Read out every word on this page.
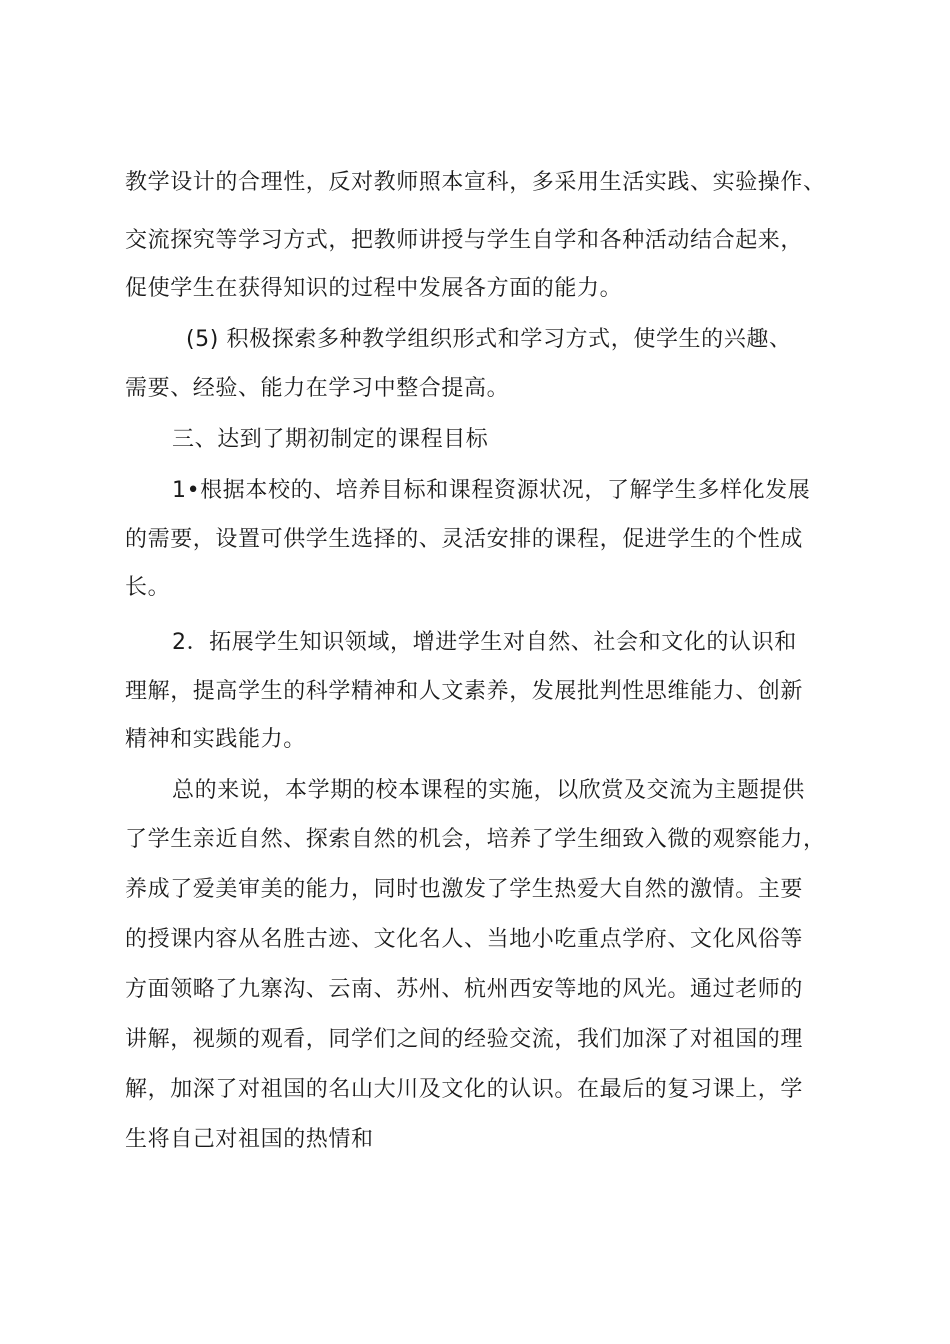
教学设计的合理性，反对教师照本宣科，多采用生活实践、实验操作、
交流探究等学习方式，把教师讲授与学生自学和各种活动结合起来，
促使学生在获得知识的过程中发展各方面的能力。
(5) 积极探索多种教学组织形式和学习方式，使学生的兴趣、
需要、经验、能力在学习中整合提高。
三、达到了期初制定的课程目标
1•根据本校的、培养目标和课程资源状况，了解学生多样化发展
的需要，设置可供学生选择的、灵活安排的课程，促进学生的个性成
长。
2．拓展学生知识领域，增进学生对自然、社会和文化的认识和
理解，提高学生的科学精神和人文素养，发展批判性思维能力、创新
精神和实践能力。
总的来说，本学期的校本课程的实施，以欣赏及交流为主题提供
了学生亲近自然、探索自然的机会，培养了学生细致入微的观察能力，
养成了爱美审美的能力，同时也激发了学生热爱大自然的激情。主要
的授课内容从名胜古迹、文化名人、当地小吃重点学府、文化风俗等
方面领略了九寨沟、云南、苏州、杭州西安等地的风光。通过老师的
讲解，视频的观看，同学们之间的经验交流，我们加深了对祖国的理
解，加深了对祖国的名山大川及文化的认识。在最后的复习课上，学
生将自己对祖国的热情和
